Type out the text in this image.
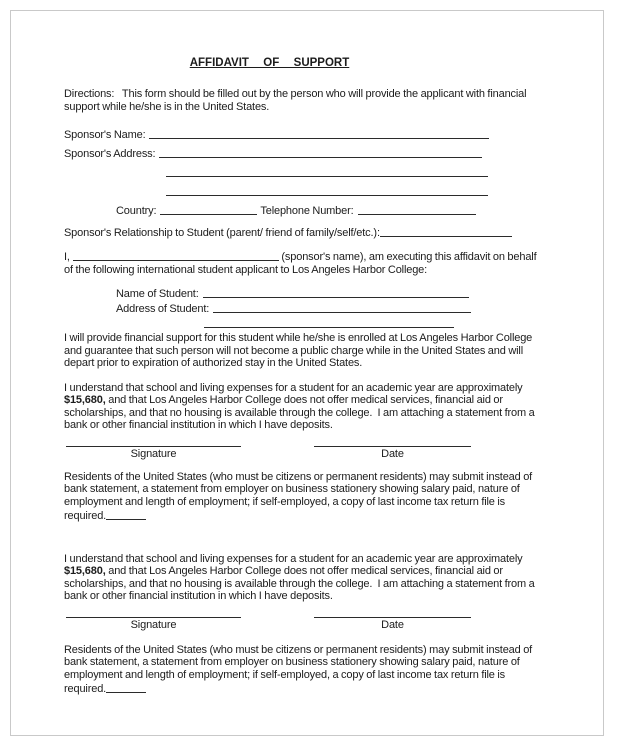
AFFIDAVIT  OF  SUPPORT

Directions:   This form should be filled out by the person who will provide the applicant with financial support while he/she is in the United States.

Sponsor's Name:
Sponsor's Address:
Country:	Telephone Number:
Sponsor's Relationship to Student (parent/ friend of family/self/etc.):

I,	(sponsor's name), am executing this affidavit on behalf of the following international student applicant to Los Angeles Harbor College:

Name of Student:
Address of Student:

I will provide financial support for this student while he/she is enrolled at Los Angeles Harbor College and guarantee that such person will not become a public charge while in the United States and will depart prior to expiration of authorized stay in the United States.

I understand that school and living expenses for a student for an academic year are approximately $15,680, and that Los Angeles Harbor College does not offer medical services, financial aid or scholarships, and that no housing is available through the college.  I am attaching a statement from a bank or other financial institution in which I have deposits.

Signature	Date

Residents of the United States (who must be citizens or permanent residents) may submit instead of bank statement, a statement from employer on business stationery showing salary paid, nature of employment and length of employment; if self-employed, a copy of last income tax return file is required.

I understand that school and living expenses for a student for an academic year are approximately $15,680, and that Los Angeles Harbor College does not offer medical services, financial aid or scholarships, and that no housing is available through the college.  I am attaching a statement from a bank or other financial institution in which I have deposits.

Signature	Date

Residents of the United States (who must be citizens or permanent residents) may submit instead of bank statement, a statement from employer on business stationery showing salary paid, nature of employment and length of employment; if self-employed, a copy of last income tax return file is required.
